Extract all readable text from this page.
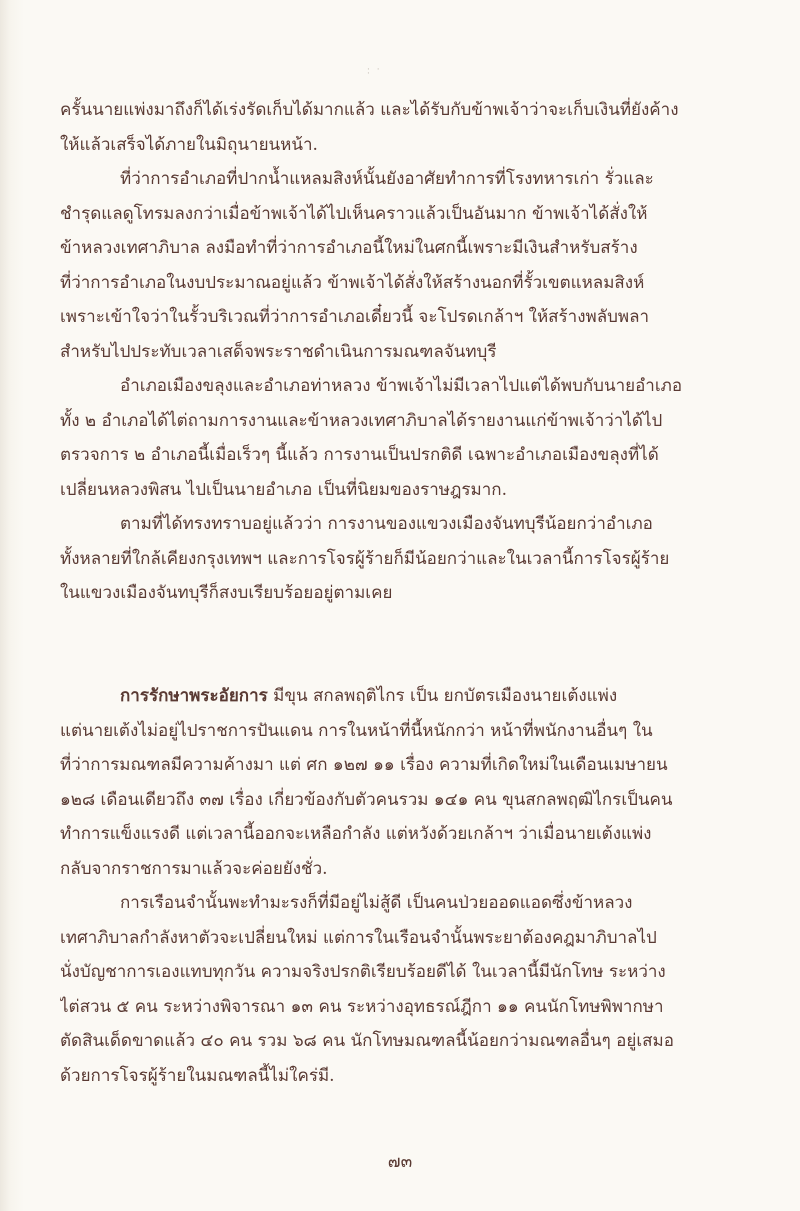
· · ·

ครั้นนายแพ่งมาถึงก็ได้เร่งรัดเก็บได้มากแล้ว และได้รับกับข้าพเจ้าว่าจะเก็บเงินที่ยังค้าง
ให้แล้วเสร็จได้ภายในมิถุนายนหน้า.

ที่ว่าการอำเภอที่ปากน้ำแหลมสิงห์นั้นยังอาศัยทำการที่โรงทหารเก่า รั่วและ
ชำรุดแลดูโทรมลงกว่าเมื่อข้าพเจ้าได้ไปเห็นคราวแล้วเป็นอันมาก ข้าพเจ้าได้สั่งให้
ข้าหลวงเทศาภิบาล ลงมือทำที่ว่าการอำเภอนี้ใหม่ในศกนี้เพราะมีเงินสำหรับสร้าง
ที่ว่าการอำเภอในงบประมาณอยู่แล้ว ข้าพเจ้าได้สั่งให้สร้างนอกที่รั้วเขตแหลมสิงห์
เพราะเข้าใจว่าในรั้วบริเวณที่ว่าการอำเภอเดี๋ยวนี้ จะโปรดเกล้าฯ ให้สร้างพลับพลา
สำหรับไปประทับเวลาเสด็จพระราชดำเนินการมณฑลจันทบุรี

อำเภอเมืองขลุงและอำเภอท่าหลวง ข้าพเจ้าไม่มีเวลาไปแต่ได้พบกับนายอำเภอ
ทั้ง ๒ อำเภอได้ไต่ถามการงานและข้าหลวงเทศาภิบาลได้รายงานแก่ข้าพเจ้าว่าได้ไป
ตรวจการ ๒ อำเภอนี้เมื่อเร็วๆ นี้แล้ว การงานเป็นปรกติดี เฉพาะอำเภอเมืองขลุงที่ได้
เปลี่ยนหลวงพิสน ไปเป็นนายอำเภอ เป็นที่นิยมของราษฎรมาก.

ตามที่ได้ทรงทราบอยู่แล้วว่า การงานของแขวงเมืองจันทบุรีน้อยกว่าอำเภอ
ทั้งหลายที่ใกล้เคียงกรุงเทพฯ และการโจรผู้ร้ายก็มีน้อยกว่าและในเวลานี้การโจรผู้ร้าย
ในแขวงเมืองจันทบุรีก็สงบเรียบร้อยอยู่ตามเคย

การรักษาพระอัยการ มีขุน สกลพฤติไกร เป็น ยกบัตรเมืองนายเต้งแพ่ง
แต่นายเต้งไม่อยู่ไปราชการปันแดน การในหน้าที่นี้หนักกว่า หน้าที่พนักงานอื่นๆ ใน
ที่ว่าการมณฑลมีความค้างมา แต่ ศก ๑๒๗ ๑๑ เรื่อง ความที่เกิดใหม่ในเดือนเมษายน
๑๒๘ เดือนเดียวถึง ๓๗ เรื่อง เกี่ยวข้องกับตัวคนรวม ๑๔๑ คน ขุนสกลพฤฒิไกรเป็นคน
ทำการแข็งแรงดี แต่เวลานี้ออกจะเหลือกำลัง แต่หวังด้วยเกล้าฯ ว่าเมื่อนายเต้งแพ่ง
กลับจากราชการมาแล้วจะค่อยยังชั่ว.

การเรือนจำนั้นพะทำมะรงก็ที่มีอยู่ไม่สู้ดี เป็นคนป่วยออดแอดซึ่งข้าหลวง
เทศาภิบาลกำลังหาตัวจะเปลี่ยนใหม่ แต่การในเรือนจำนั้นพระยาต้องคฎมาภิบาลไป
นั่งบัญชาการเองแทบทุกวัน ความจริงปรกติเรียบร้อยดีได้ ในเวลานี้มีนักโทษ ระหว่าง
ไต่สวน ๕ คน ระหว่างพิจารณา ๑๓ คน ระหว่างอุทธรณ์ฎีกา ๑๑ คนนักโทษพิพากษา
ตัดสินเด็ดขาดแล้ว ๔๐ คน รวม ๖๘ คน นักโทษมณฑลนี้น้อยกว่ามณฑลอื่นๆ อยู่เสมอ
ด้วยการโจรผู้ร้ายในมณฑลนี้ไม่ใคร่มี.

๗๓
